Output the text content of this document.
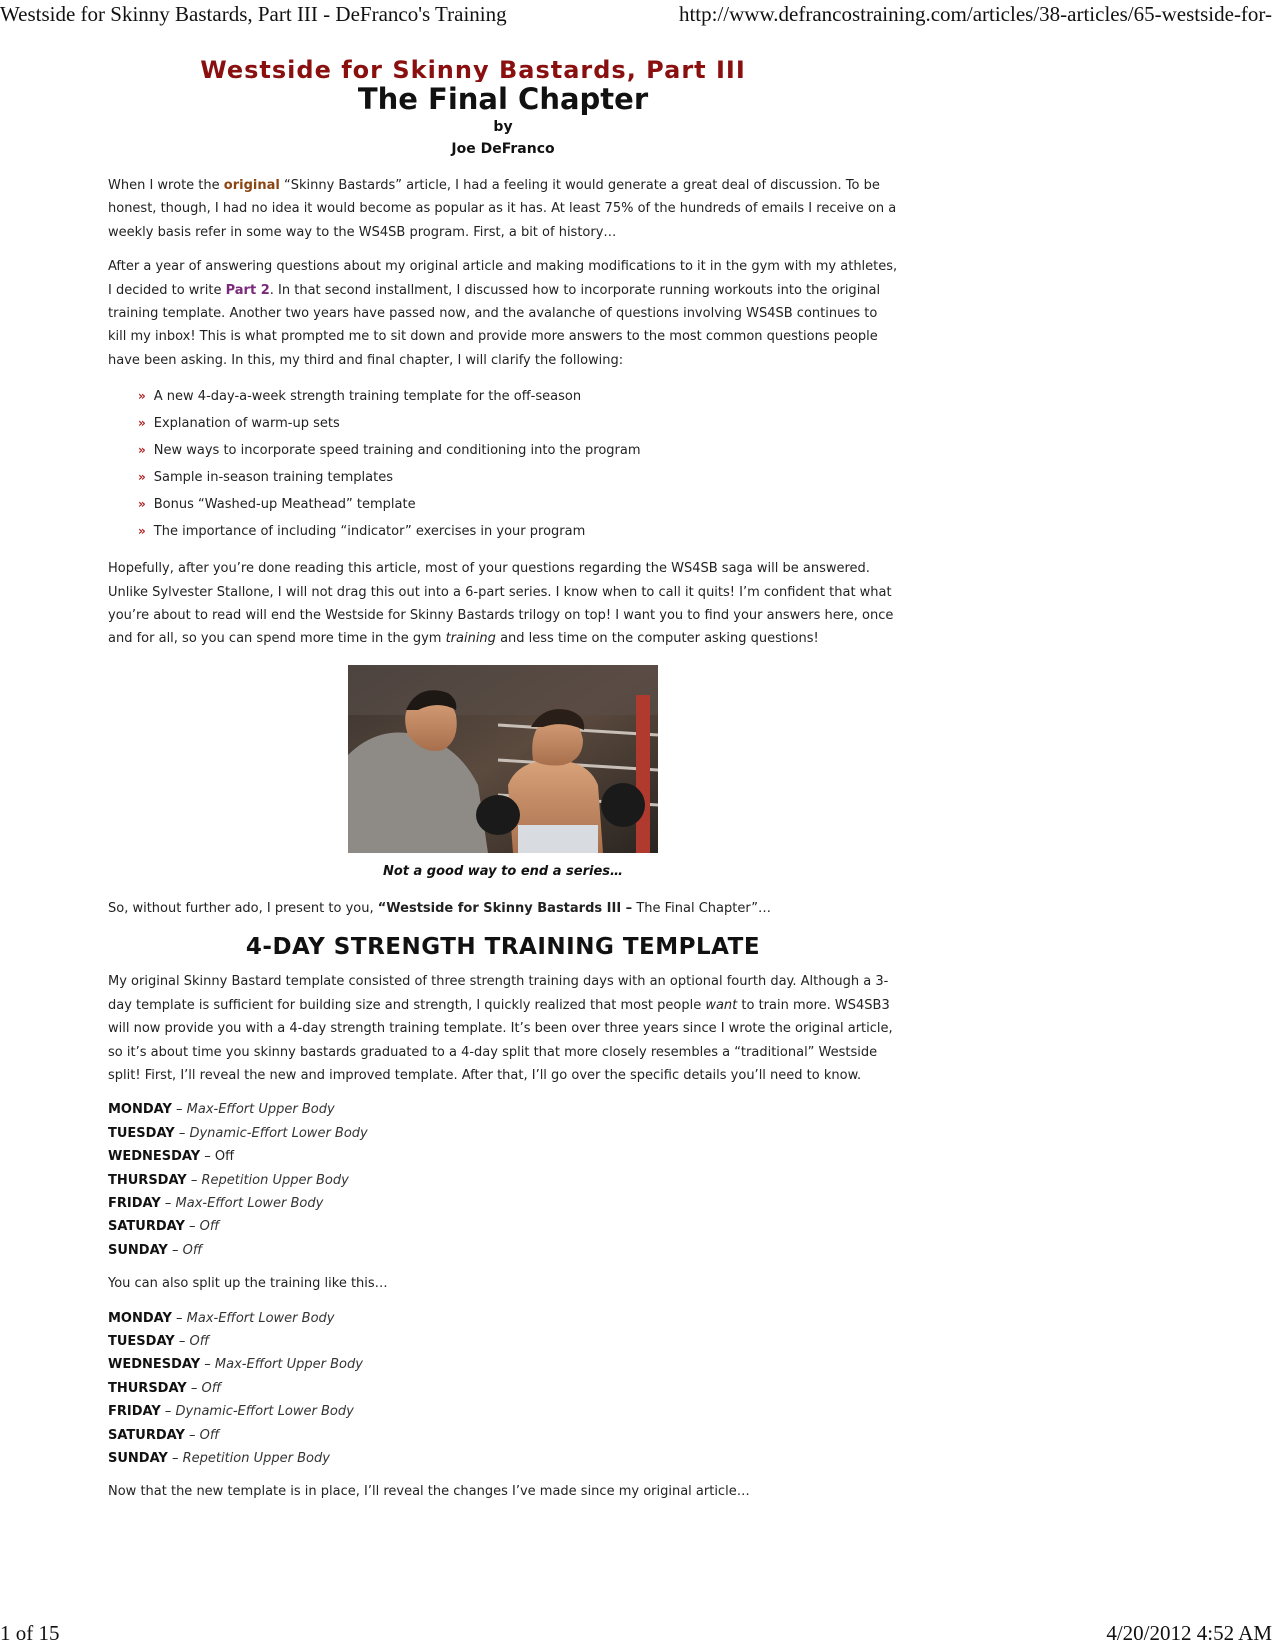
Westside for Skinny Bastards, Part III - DeFranco's Training	http://www.defrancostraining.com/articles/38-articles/65-westside-for-
Westside for Skinny Bastards, Part III
The Final Chapter
by
Joe DeFranco

When I wrote the original “Skinny Bastards” article, I had a feeling it would generate a great deal of discussion. To be honest, though, I had no idea it would become as popular as it has. At least 75% of the hundreds of emails I receive on a weekly basis refer in some way to the WS4SB program. First, a bit of history…

After a year of answering questions about my original article and making modifications to it in the gym with my athletes, I decided to write Part 2. In that second installment, I discussed how to incorporate running workouts into the original training template. Another two years have passed now, and the avalanche of questions involving WS4SB continues to kill my inbox! This is what prompted me to sit down and provide more answers to the most common questions people have been asking. In this, my third and final chapter, I will clarify the following:

» A new 4-day-a-week strength training template for the off-season
» Explanation of warm-up sets
» New ways to incorporate speed training and conditioning into the program
» Sample in-season training templates
» Bonus “Washed-up Meathead” template
» The importance of including “indicator” exercises in your program

Hopefully, after you’re done reading this article, most of your questions regarding the WS4SB saga will be answered. Unlike Sylvester Stallone, I will not drag this out into a 6-part series. I know when to call it quits! I’m confident that what you’re about to read will end the Westside for Skinny Bastards trilogy on top! I want you to find your answers here, once and for all, so you can spend more time in the gym training and less time on the computer asking questions!

Not a good way to end a series…

So, without further ado, I present to you, “Westside for Skinny Bastards III – The Final Chapter”…

4-DAY STRENGTH TRAINING TEMPLATE

My original Skinny Bastard template consisted of three strength training days with an optional fourth day. Although a 3-day template is sufficient for building size and strength, I quickly realized that most people want to train more. WS4SB3 will now provide you with a 4-day strength training template. It’s been over three years since I wrote the original article, so it’s about time you skinny bastards graduated to a 4-day split that more closely resembles a “traditional” Westside split! First, I’ll reveal the new and improved template. After that, I’ll go over the specific details you’ll need to know.

MONDAY – Max-Effort Upper Body
TUESDAY – Dynamic-Effort Lower Body
WEDNESDAY – Off
THURSDAY – Repetition Upper Body
FRIDAY – Max-Effort Lower Body
SATURDAY – Off
SUNDAY – Off

You can also split up the training like this…

MONDAY – Max-Effort Lower Body
TUESDAY – Off
WEDNESDAY – Max-Effort Upper Body
THURSDAY – Off
FRIDAY – Dynamic-Effort Lower Body
SATURDAY – Off
SUNDAY – Repetition Upper Body

Now that the new template is in place, I’ll reveal the changes I’ve made since my original article…

1 of 15	4/20/2012 4:52 AM
